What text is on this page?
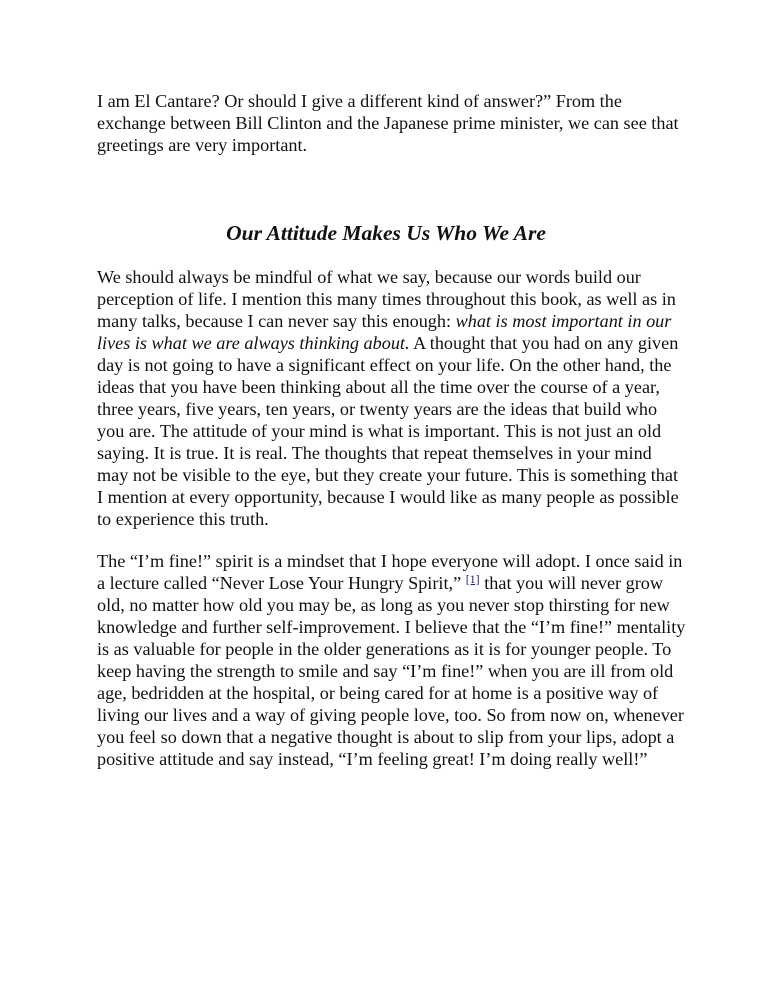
I am El Cantare? Or should I give a different kind of answer?” From the exchange between Bill Clinton and the Japanese prime minister, we can see that greetings are very important.

Our Attitude Makes Us Who We Are

We should always be mindful of what we say, because our words build our perception of life. I mention this many times throughout this book, as well as in many talks, because I can never say this enough: what is most important in our lives is what we are always thinking about. A thought that you had on any given day is not going to have a significant effect on your life. On the other hand, the ideas that you have been thinking about all the time over the course of a year, three years, five years, ten years, or twenty years are the ideas that build who you are. The attitude of your mind is what is important. This is not just an old saying. It is true. It is real. The thoughts that repeat themselves in your mind may not be visible to the eye, but they create your future. This is something that I mention at every opportunity, because I would like as many people as possible to experience this truth.

The “I’m fine!” spirit is a mindset that I hope everyone will adopt. I once said in a lecture called “Never Lose Your Hungry Spirit,” [1] that you will never grow old, no matter how old you may be, as long as you never stop thirsting for new knowledge and further self-improvement. I believe that the “I’m fine!” mentality is as valuable for people in the older generations as it is for younger people. To keep having the strength to smile and say “I’m fine!” when you are ill from old age, bedridden at the hospital, or being cared for at home is a positive way of living our lives and a way of giving people love, too. So from now on, whenever you feel so down that a negative thought is about to slip from your lips, adopt a positive attitude and say instead, “I’m feeling great! I’m doing really well!”
